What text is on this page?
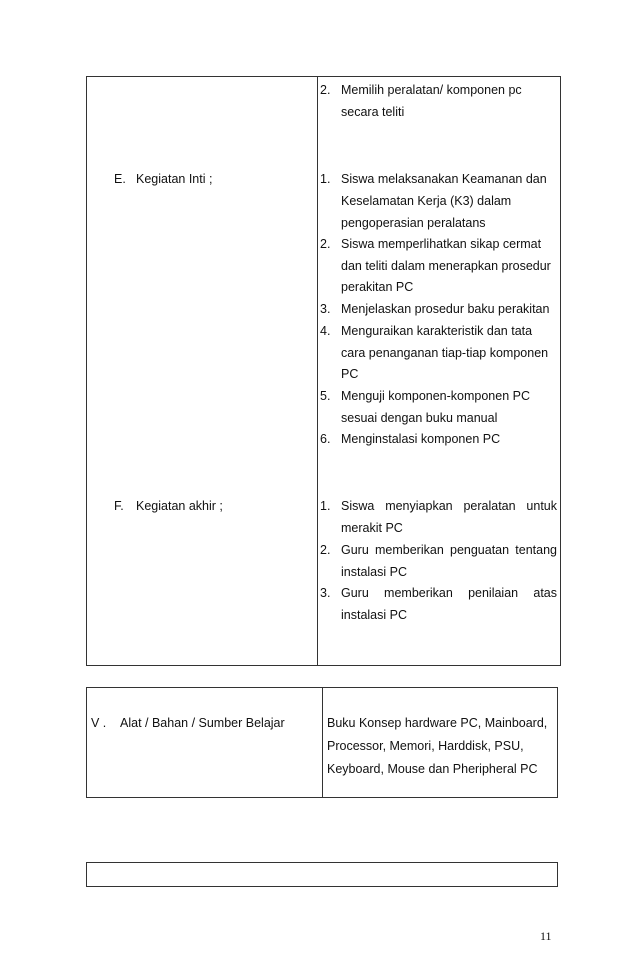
2. Memilih peralatan/ komponen pc
secara teliti
E. Kegiatan Inti ;	1. Siswa melaksanakan Keamanan dan
Keselamatan Kerja (K3) dalam
pengoperasian peralatans
2. Siswa memperlihatkan sikap cermat
dan teliti dalam menerapkan prosedur
perakitan PC
3. Menjelaskan prosedur baku perakitan
4. Menguraikan karakteristik dan tata
cara penanganan tiap-tiap komponen
PC
5. Menguji komponen-komponen PC
sesuai dengan buku manual
6. Menginstalasi komponen PC
F. Kegiatan akhir ;	1. Siswa menyiapkan peralatan untuk
merakit PC
2. Guru memberikan penguatan tentang
instalasi PC
3. Guru memberikan penilaian atas
instalasi PC
V . Alat / Bahan / Sumber Belajar	Buku Konsep hardware PC, Mainboard,
Processor, Memori, Harddisk, PSU,
Keyboard, Mouse dan Pheripheral PC
11
